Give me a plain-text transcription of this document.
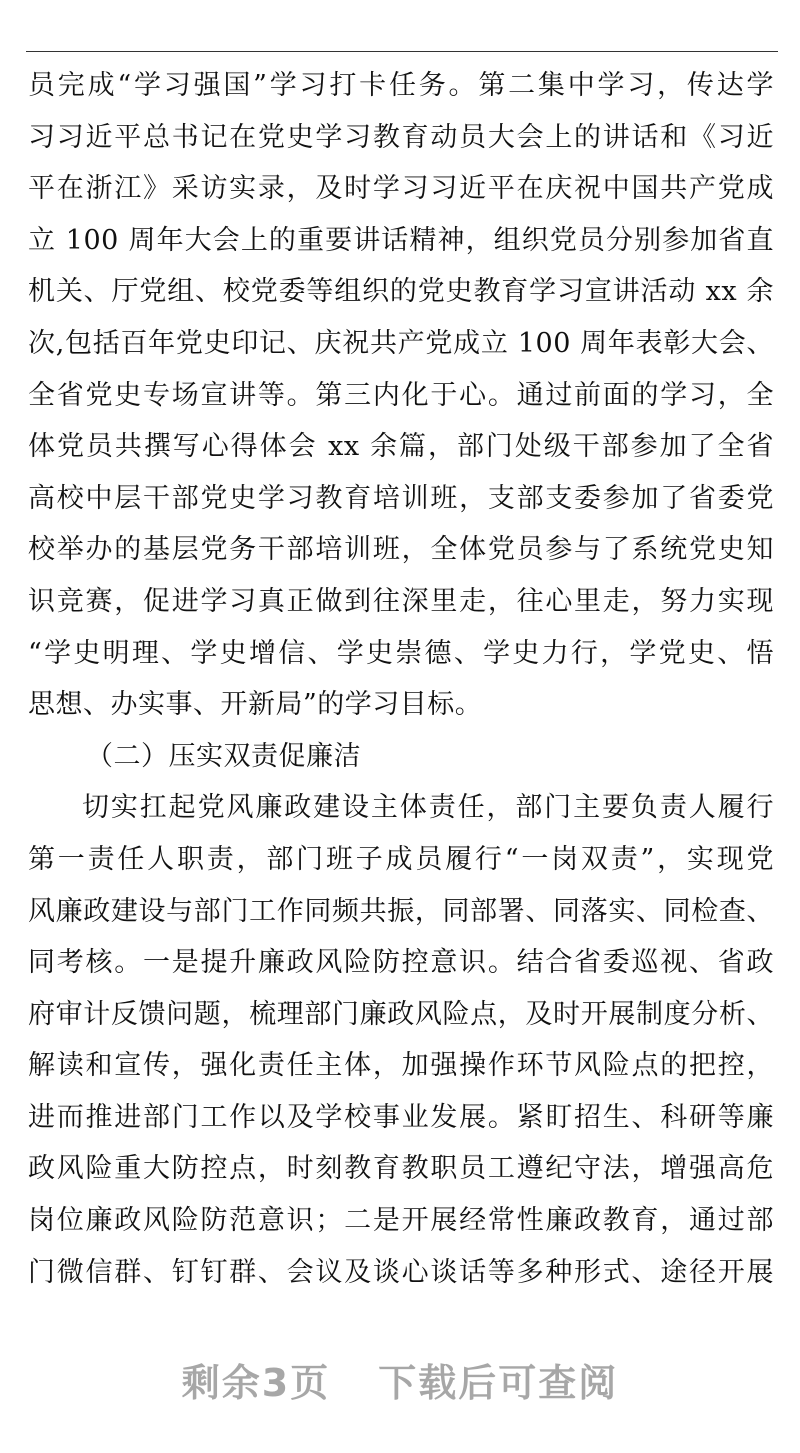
员完成“学习强国”学习打卡任务。第二集中学习，传达学
习习近平总书记在党史学习教育动员大会上的讲话和《习近
平在浙江》采访实录，及时学习习近平在庆祝中国共产党成
立 100 周年大会上的重要讲话精神，组织党员分别参加省直
机关、厅党组、校党委等组织的党史教育学习宣讲活动 xx 余
次,包括百年党史印记、庆祝共产党成立 100 周年表彰大会、
全省党史专场宣讲等。第三内化于心。通过前面的学习，全
体党员共撰写心得体会 xx 余篇，部门处级干部参加了全省
高校中层干部党史学习教育培训班，支部支委参加了省委党
校举办的基层党务干部培训班，全体党员参与了系统党史知
识竞赛，促进学习真正做到往深里走，往心里走，努力实现
“学史明理、学史增信、学史崇德、学史力行，学党史、悟
思想、办实事、开新局”的学习目标。
（二）压实双责促廉洁
切实扛起党风廉政建设主体责任，部门主要负责人履行
第一责任人职责，部门班子成员履行“一岗双责”，实现党
风廉政建设与部门工作同频共振，同部署、同落实、同检查、
同考核。一是提升廉政风险防控意识。结合省委巡视、省政
府审计反馈问题，梳理部门廉政风险点，及时开展制度分析、
解读和宣传，强化责任主体，加强操作环节风险点的把控，
进而推进部门工作以及学校事业发展。紧盯招生、科研等廉
政风险重大防控点，时刻教育教职员工遵纪守法，增强高危
岗位廉政风险防范意识；二是开展经常性廉政教育，通过部
门微信群、钉钉群、会议及谈心谈话等多种形式、途径开展
剩余3页 下载后可查阅
